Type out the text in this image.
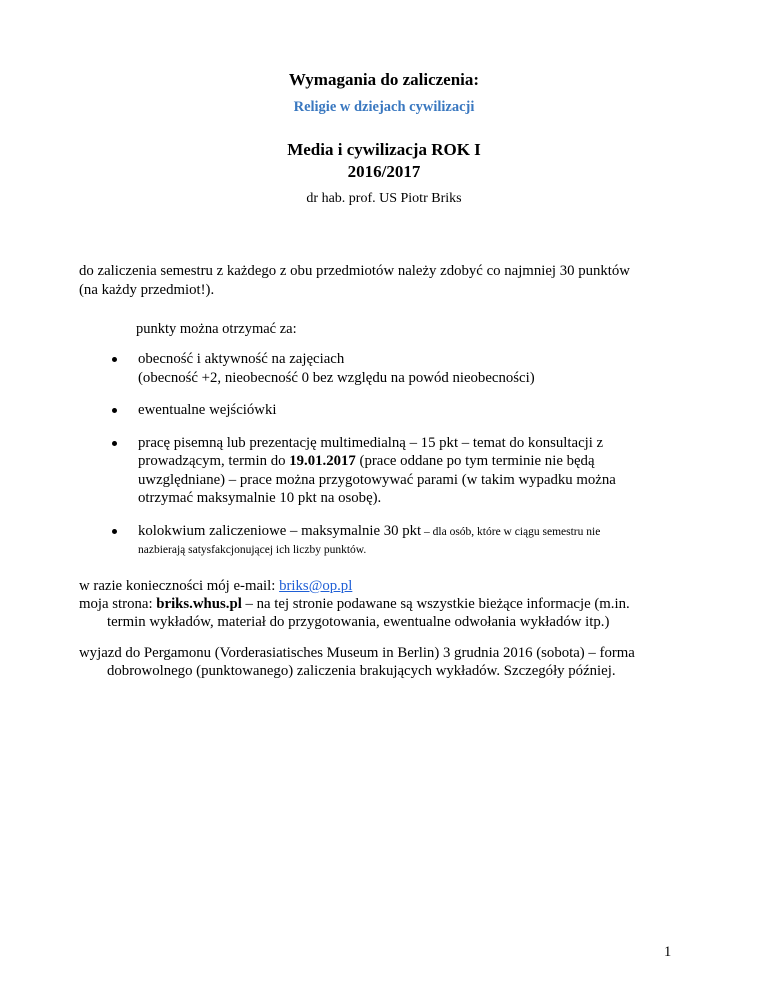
Wymagania do zaliczenia:
Religie w dziejach cywilizacji
Media i cywilizacja ROK I
2016/2017
dr hab. prof. US Piotr Briks
do zaliczenia semestru z każdego z obu przedmiotów należy zdobyć co najmniej 30 punktów
(na każdy przedmiot!).
punkty można otrzymać za:
obecność i aktywność na zajęciach
(obecność +2, nieobecność 0 bez względu na powód nieobecności)
ewentualne wejściówki
pracę pisemną lub prezentację multimedialną – 15 pkt – temat do konsultacji z
prowadzącym, termin do 19.01.2017 (prace oddane po tym terminie nie będą
uwzględniane) – prace można przygotowywać parami (w takim wypadku można
otrzymać maksymalnie 10 pkt na osobę).
kolokwium zaliczeniowe – maksymalnie 30 pkt – dla osób, które w ciągu semestru nie
nazbierają satysfakcjonującej ich liczby punktów.
w razie konieczności mój e-mail: briks@op.pl
moja strona: briks.whus.pl – na tej stronie podawane są wszystkie bieżące informacje (m.in.
termin wykładów, materiał do przygotowania, ewentualne odwołania wykładów itp.)
wyjazd do Pergamonu (Vorderasiatisches Museum in Berlin) 3 grudnia 2016 (sobota) – forma
dobrowolnego (punktowanego) zaliczenia brakujących wykładów. Szczegóły później.
1
